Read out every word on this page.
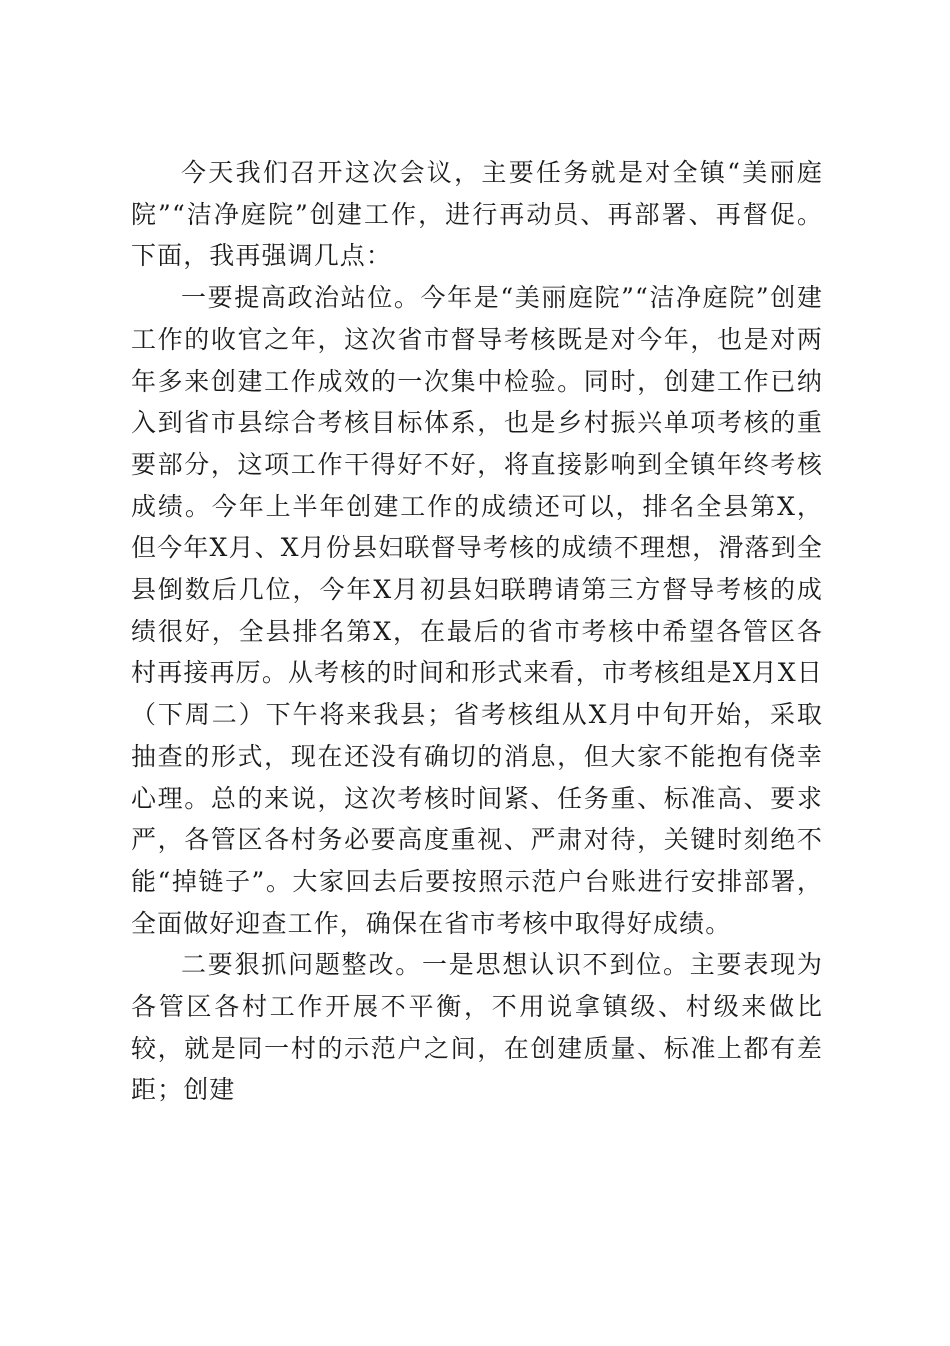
今天我们召开这次会议，主要任务就是对全镇“美丽庭院”“洁净庭院”创建工作，进行再动员、再部署、再督促。下面，我再强调几点：

一要提高政治站位。今年是“美丽庭院”“洁净庭院”创建工作的收官之年，这次省市督导考核既是对今年，也是对两年多来创建工作成效的一次集中检验。同时，创建工作已纳入到省市县综合考核目标体系，也是乡村振兴单项考核的重要部分，这项工作干得好不好，将直接影响到全镇年终考核成绩。今年上半年创建工作的成绩还可以，排名全县第X，但今年X月、X月份县妇联督导考核的成绩不理想，滑落到全县倒数后几位，今年X月初县妇联聘请第三方督导考核的成绩很好，全县排名第X，在最后的省市考核中希望各管区各村再接再厉。从考核的时间和形式来看，市考核组是X月X日（下周二）下午将来我县；省考核组从X月中旬开始，采取抽查的形式，现在还没有确切的消息，但大家不能抱有侥幸心理。总的来说，这次考核时间紧、任务重、标准高、要求严，各管区各村务必要高度重视、严肃对待，关键时刻绝不能“掉链子”。大家回去后要按照示范户台账进行安排部署，全面做好迎查工作，确保在省市考核中取得好成绩。

二要狠抓问题整改。一是思想认识不到位。主要表现为各管区各村工作开展不平衡，不用说拿镇级、村级来做比较，就是同一村的示范户之间，在创建质量、标准上都有差距；创建
